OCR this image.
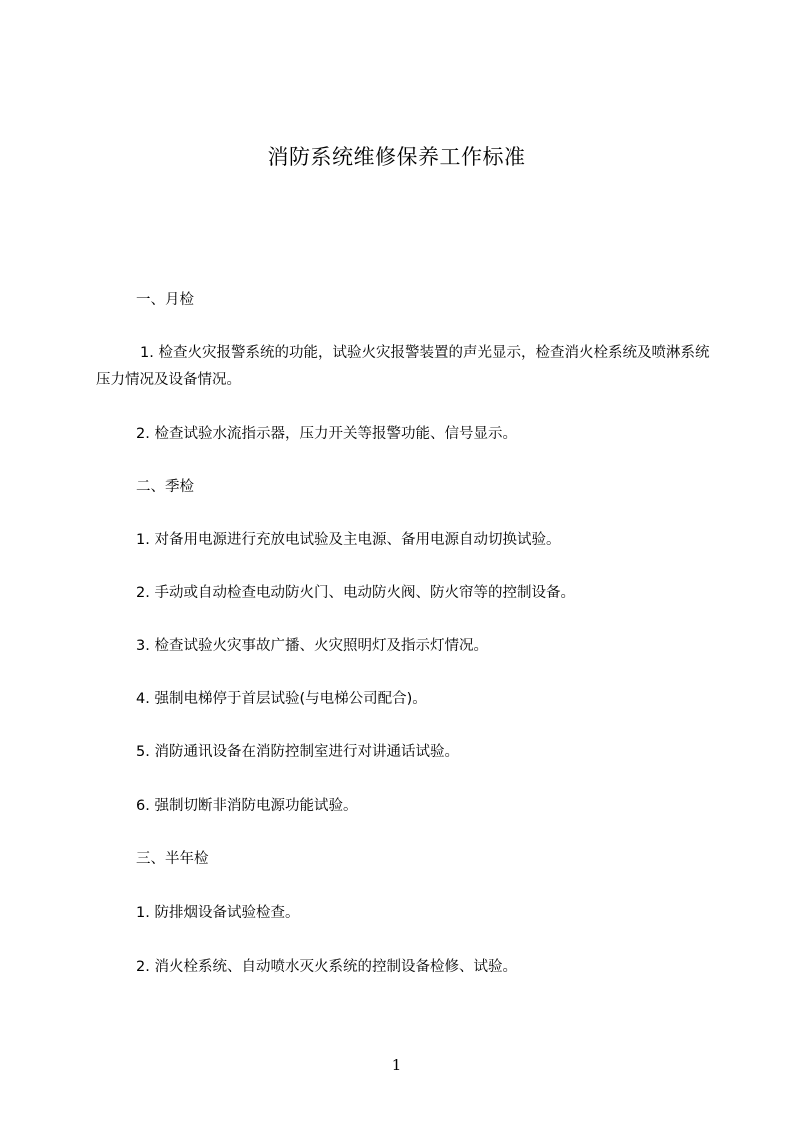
消防系统维修保养工作标准
一、月检
1. 检查火灾报警系统的功能，试验火灾报警装置的声光显示，检查消火栓系统及喷淋系统压力情况及设备情况。
2. 检查试验水流指示器，压力开关等报警功能、信号显示。
二、季检
1. 对备用电源进行充放电试验及主电源、备用电源自动切换试验。
2. 手动或自动检查电动防火门、电动防火阀、防火帘等的控制设备。
3. 检查试验火灾事故广播、火灾照明灯及指示灯情况。
4. 强制电梯停于首层试验(与电梯公司配合)。
5. 消防通讯设备在消防控制室进行对讲通话试验。
6. 强制切断非消防电源功能试验。
三、半年检
1. 防排烟设备试验检查。
2. 消火栓系统、自动喷水灭火系统的控制设备检修、试验。
1
